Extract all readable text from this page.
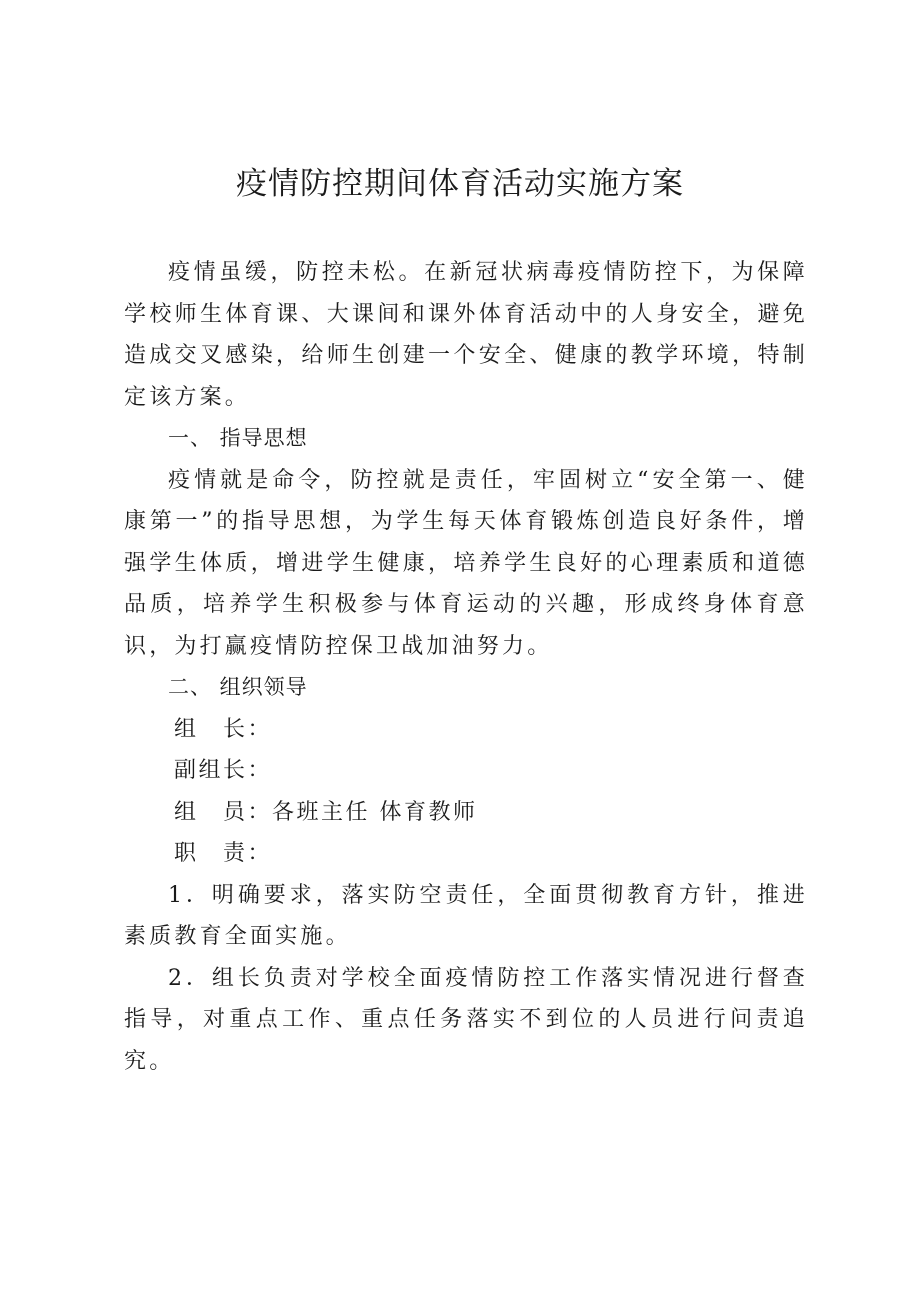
疫情防控期间体育活动实施方案

疫情虽缓，防控未松。在新冠状病毒疫情防控下，为保障学校师生体育课、大课间和课外体育活动中的人身安全，避免造成交叉感染，给师生创建一个安全、健康的教学环境，特制定该方案。

一、 指导思想

疫情就是命令，防控就是责任，牢固树立“安全第一、健康第一”的指导思想，为学生每天体育锻炼创造良好条件，增强学生体质，增进学生健康，培养学生良好的心理素质和道德品质，培养学生积极参与体育运动的兴趣，形成终身体育意识，为打赢疫情防控保卫战加油努力。

二、 组织领导

组　长：

副组长：

组　员：各班主任 体育教师

职　责：

1．明确要求，落实防空责任，全面贯彻教育方针，推进素质教育全面实施。

2．组长负责对学校全面疫情防控工作落实情况进行督查指导，对重点工作、重点任务落实不到位的人员进行问责追究。
